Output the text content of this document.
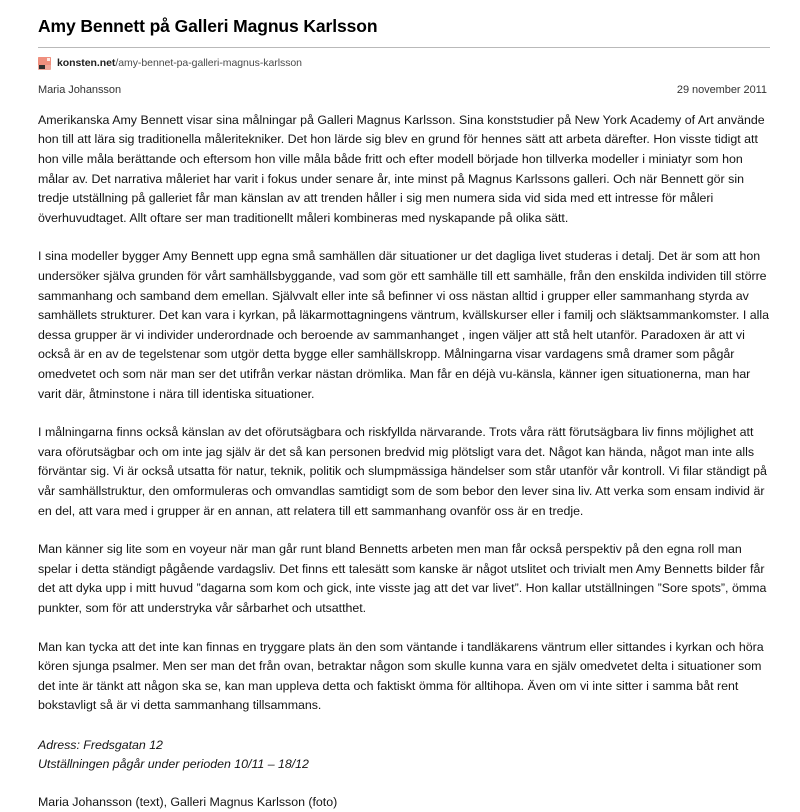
Amy Bennett på Galleri Magnus Karlsson
konsten.net/amy-bennet-pa-galleri-magnus-karlsson
Maria Johansson	29 november 2011

Amerikanska Amy Bennett visar sina målningar på Galleri Magnus Karlsson. Sina konststudier på New York Academy of Art använde hon till att lära sig traditionella måleritekniker. Det hon lärde sig blev en grund för hennes sätt att arbeta därefter. Hon visste tidigt att hon ville måla berättande och eftersom hon ville måla både fritt och efter modell började hon tillverka modeller i miniatyr som hon målar av. Det narrativa måleriet har varit i fokus under senare år, inte minst på Magnus Karlssons galleri. Och när Bennett gör sin tredje utställning på galleriet får man känslan av att trenden håller i sig men numera sida vid sida med ett intresse för måleri överhuvudtaget. Allt oftare ser man traditionellt måleri kombineras med nyskapande på olika sätt.

I sina modeller bygger Amy Bennett upp egna små samhällen där situationer ur det dagliga livet studeras i detalj. Det är som att hon undersöker själva grunden för vårt samhällsbyggande, vad som gör ett samhälle till ett samhälle, från den enskilda individen till större sammanhang och samband dem emellan. Självvalt eller inte så befinner vi oss nästan alltid i grupper eller sammanhang styrda av samhällets strukturer. Det kan vara i kyrkan, på läkarmottagningens väntrum, kvällskurser eller i familj och släktsammankomster. I alla dessa grupper är vi individer underordnade och beroende av sammanhanget , ingen väljer att stå helt utanför. Paradoxen är att vi också är en av de tegelstenar som utgör detta bygge eller samhällskropp. Målningarna visar vardagens små dramer som pågår omedvetet och som när man ser det utifrån verkar nästan drömlika. Man får en déjà vu-känsla, känner igen situationerna, man har varit där, åtminstone i nära till identiska situationer.

I målningarna finns också känslan av det oförutsägbara och riskfyllda närvarande. Trots våra rätt förutsägbara liv finns möjlighet att vara oförutsägbar och om inte jag själv är det så kan personen bredvid mig plötsligt vara det. Något kan hända, något man inte alls förväntar sig. Vi är också utsatta för natur, teknik, politik och slumpmässiga händelser som står utanför vår kontroll. Vi filar ständigt på vår samhällstruktur, den omformuleras och omvandlas samtidigt som de som bebor den lever sina liv. Att verka som ensam individ är en del, att vara med i grupper är en annan, att relatera till ett sammanhang ovanför oss är en tredje.

Man känner sig lite som en voyeur när man går runt bland Bennetts arbeten men man får också perspektiv på den egna roll man spelar i detta ständigt pågående vardagsliv. Det finns ett talesätt som kanske är något utslitet och trivialt men Amy Bennetts bilder får det att dyka upp i mitt huvud ”dagarna som kom och gick, inte visste jag att det var livet”. Hon kallar utställningen ”Sore spots”, ömma punkter, som för att understryka vår sårbarhet och utsatthet.

Man kan tycka att det inte kan finnas en tryggare plats än den som väntande i tandläkarens väntrum eller sittandes i kyrkan och höra kören sjunga psalmer. Men ser man det från ovan, betraktar någon som skulle kunna vara en själv omedvetet delta i situationer som det inte är tänkt att någon ska se, kan man uppleva detta och faktiskt ömma för alltihopa. Även om vi inte sitter i samma båt rent bokstavligt så är vi detta sammanhang tillsammans.

Adress: Fredsgatan 12
Utställningen pågår under perioden 10/11 – 18/12
Maria Johansson (text), Galleri Magnus Karlsson (foto)
